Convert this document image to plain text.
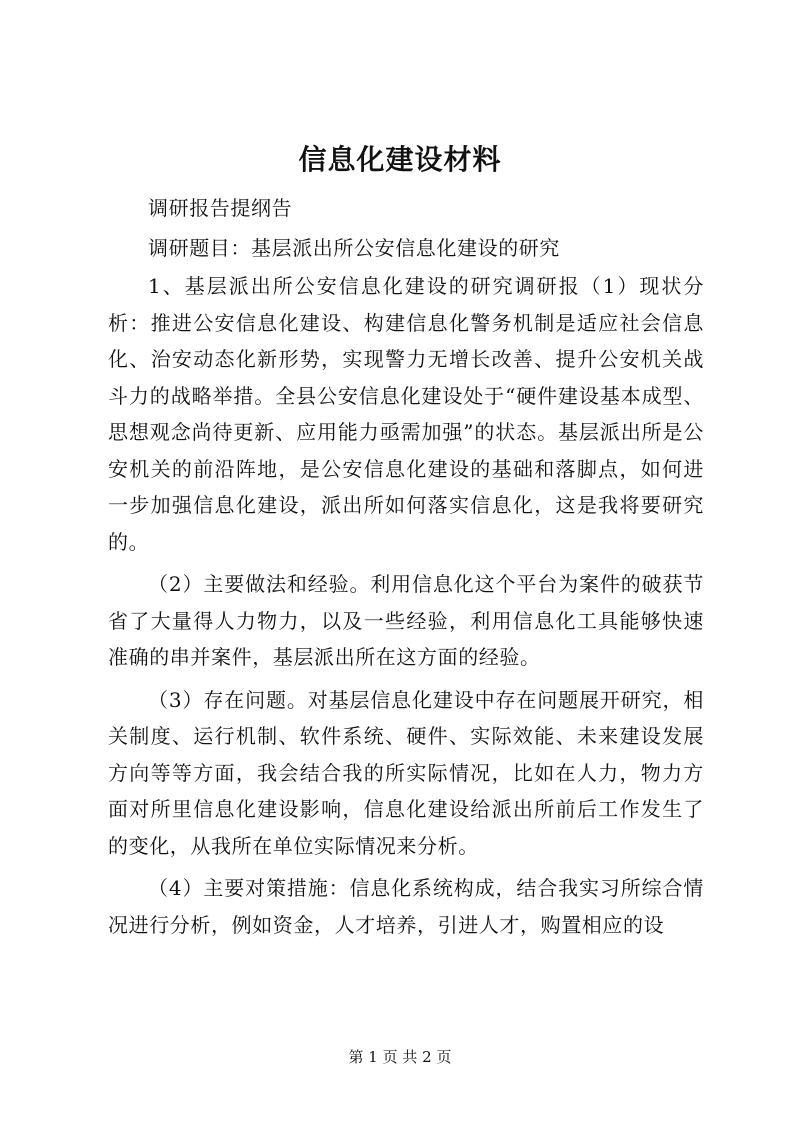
信息化建设材料

调研报告提纲告

调研题目：基层派出所公安信息化建设的研究

1、基层派出所公安信息化建设的研究调研报（1）现状分析：推进公安信息化建设、构建信息化警务机制是适应社会信息化、治安动态化新形势，实现警力无增长改善、提升公安机关战斗力的战略举措。全县公安信息化建设处于“硬件建设基本成型、思想观念尚待更新、应用能力亟需加强”的状态。基层派出所是公安机关的前沿阵地，是公安信息化建设的基础和落脚点，如何进一步加强信息化建设，派出所如何落实信息化，这是我将要研究的。

（2）主要做法和经验。利用信息化这个平台为案件的破获节省了大量得人力物力，以及一些经验，利用信息化工具能够快速准确的串并案件，基层派出所在这方面的经验。

（3）存在问题。对基层信息化建设中存在问题展开研究，相关制度、运行机制、软件系统、硬件、实际效能、未来建设发展方向等等方面，我会结合我的所实际情况，比如在人力，物力方面对所里信息化建设影响，信息化建设给派出所前后工作发生了的变化，从我所在单位实际情况来分析。

（4）主要对策措施：信息化系统构成，结合我实习所综合情况进行分析，例如资金，人才培养，引进人才，购置相应的设

第 1 页 共 2 页
